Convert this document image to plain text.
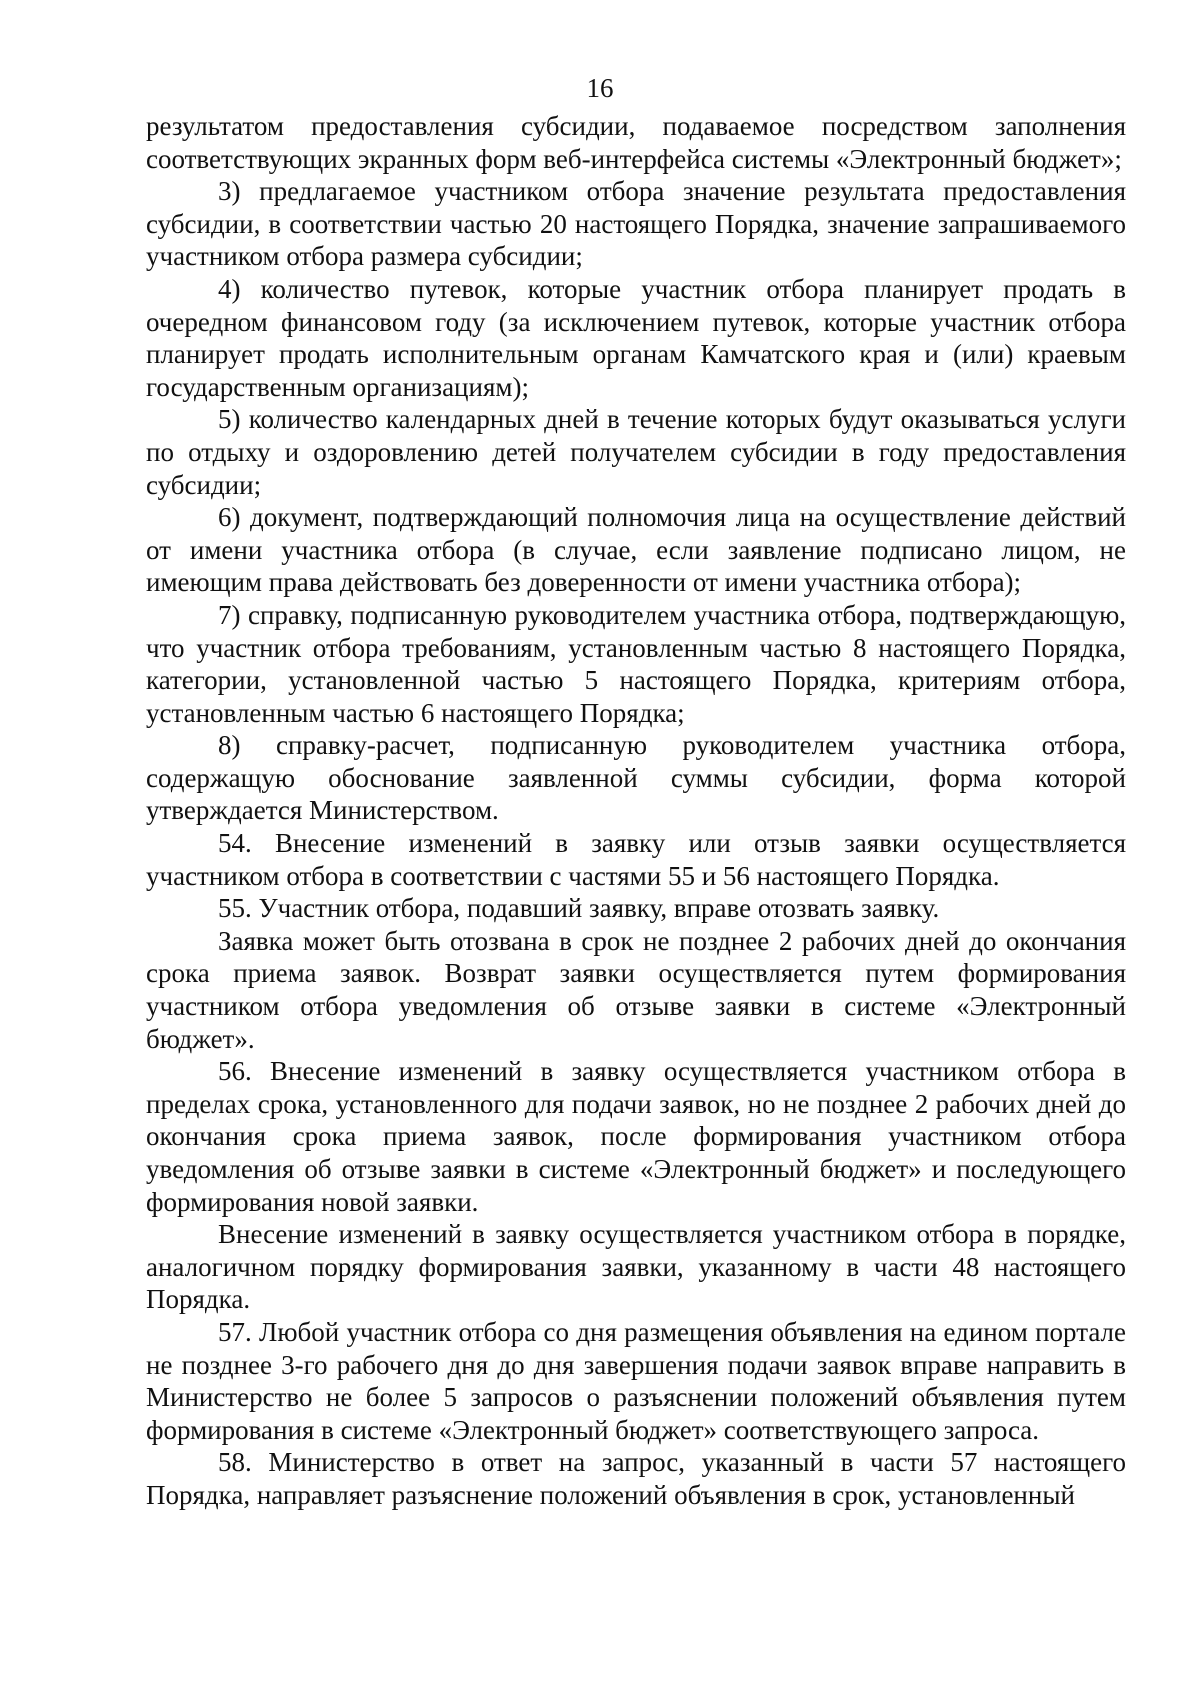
16

результатом предоставления субсидии, подаваемое посредством заполнения соответствующих экранных форм веб-интерфейса системы «Электронный бюджет»;

3) предлагаемое участником отбора значение результата предоставления субсидии, в соответствии частью 20 настоящего Порядка, значение запрашиваемого участником отбора размера субсидии;

4) количество путевок, которые участник отбора планирует продать в очередном финансовом году (за исключением путевок, которые участник отбора планирует продать исполнительным органам Камчатского края и (или) краевым государственным организациям);

5) количество календарных дней в течение которых будут оказываться услуги по отдыху и оздоровлению детей получателем субсидии в году предоставления субсидии;

6) документ, подтверждающий полномочия лица на осуществление действий от имени участника отбора (в случае, если заявление подписано лицом, не имеющим права действовать без доверенности от имени участника отбора);

7) справку, подписанную руководителем участника отбора, подтверждающую, что участник отбора требованиям, установленным частью 8 настоящего Порядка, категории, установленной частью 5 настоящего Порядка, критериям отбора, установленным частью 6 настоящего Порядка;

8) справку-расчет, подписанную руководителем участника отбора, содержащую обоснование заявленной суммы субсидии, форма которой утверждается Министерством.

54. Внесение изменений в заявку или отзыв заявки осуществляется участником отбора в соответствии с частями 55 и 56 настоящего Порядка.

55. Участник отбора, подавший заявку, вправе отозвать заявку.

Заявка может быть отозвана в срок не позднее 2 рабочих дней до окончания срока приема заявок. Возврат заявки осуществляется путем формирования участником отбора уведомления об отзыве заявки в системе «Электронный бюджет».

56. Внесение изменений в заявку осуществляется участником отбора в пределах срока, установленного для подачи заявок, но не позднее 2 рабочих дней до окончания срока приема заявок, после формирования участником отбора уведомления об отзыве заявки в системе «Электронный бюджет» и последующего формирования новой заявки.

Внесение изменений в заявку осуществляется участником отбора в порядке, аналогичном порядку формирования заявки, указанному в части 48 настоящего Порядка.

57. Любой участник отбора со дня размещения объявления на едином портале не позднее 3-го рабочего дня до дня завершения подачи заявок вправе направить в Министерство не более 5 запросов о разъяснении положений объявления путем формирования в системе «Электронный бюджет» соответствующего запроса.

58. Министерство в ответ на запрос, указанный в части 57 настоящего Порядка, направляет разъяснение положений объявления в срок, установленный
